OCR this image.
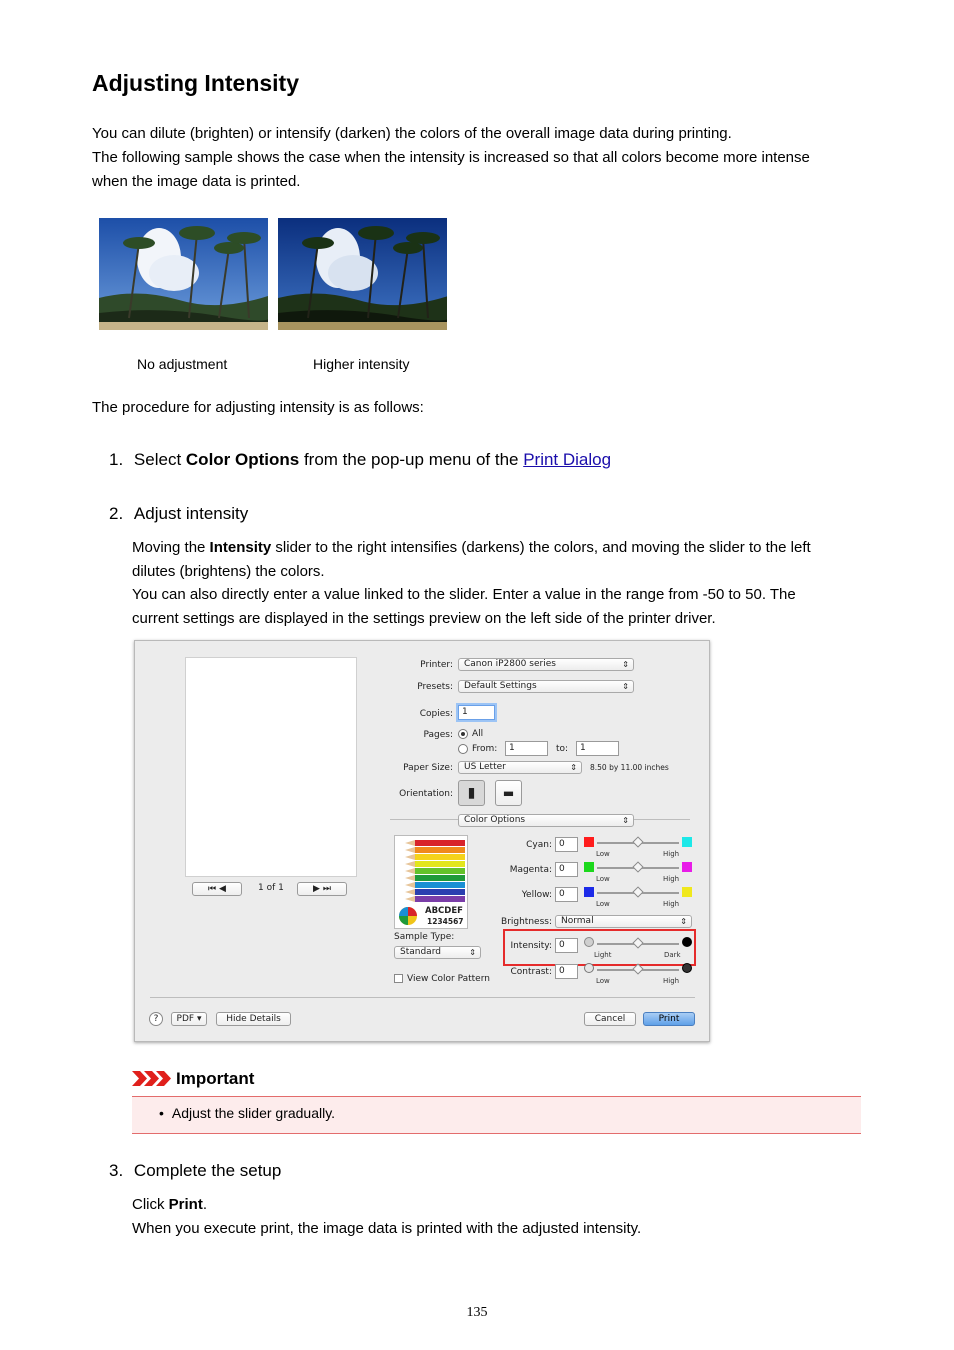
Adjusting Intensity
You can dilute (brighten) or intensify (darken) the colors of the overall image data during printing.
The following sample shows the case when the intensity is increased so that all colors become more intense
when the image data is printed.
No adjustment	Higher intensity
The procedure for adjusting intensity is as follows:
1. Select Color Options from the pop-up menu of the Print Dialog
2. Adjust intensity
Moving the Intensity slider to the right intensifies (darkens) the colors, and moving the slider to the left
dilutes (brightens) the colors.
You can also directly enter a value linked to the slider. Enter a value in the range from -50 to 50. The
current settings are displayed in the settings preview on the left side of the printer driver.
⏮ ◀	1 of 1	▶ ⏭
Printer:	Canon iP2800 series	⇕
Presets:	Default Settings	⇕
Copies:	1
Pages: All
From:	1	to:	1
Paper Size:	US Letter	⇕ 8.50 by 11.00 inches
Orientation:	▮	▬
Color Options	⇕
ABCDEF
1234567
Sample Type:
Standard	⇕
View Color Pattern
Cyan: 0
Low	High
Magenta: 0
Low	High
Yellow: 0
Low	High
Brightness:	Normal	⇕
Intensity: 0
Light	Dark
Contrast: 0
Low	High
?	PDF ▾	Hide Details	Cancel	Print
Important
• Adjust the slider gradually.
3. Complete the setup
Click Print.
When you execute print, the image data is printed with the adjusted intensity.
135
